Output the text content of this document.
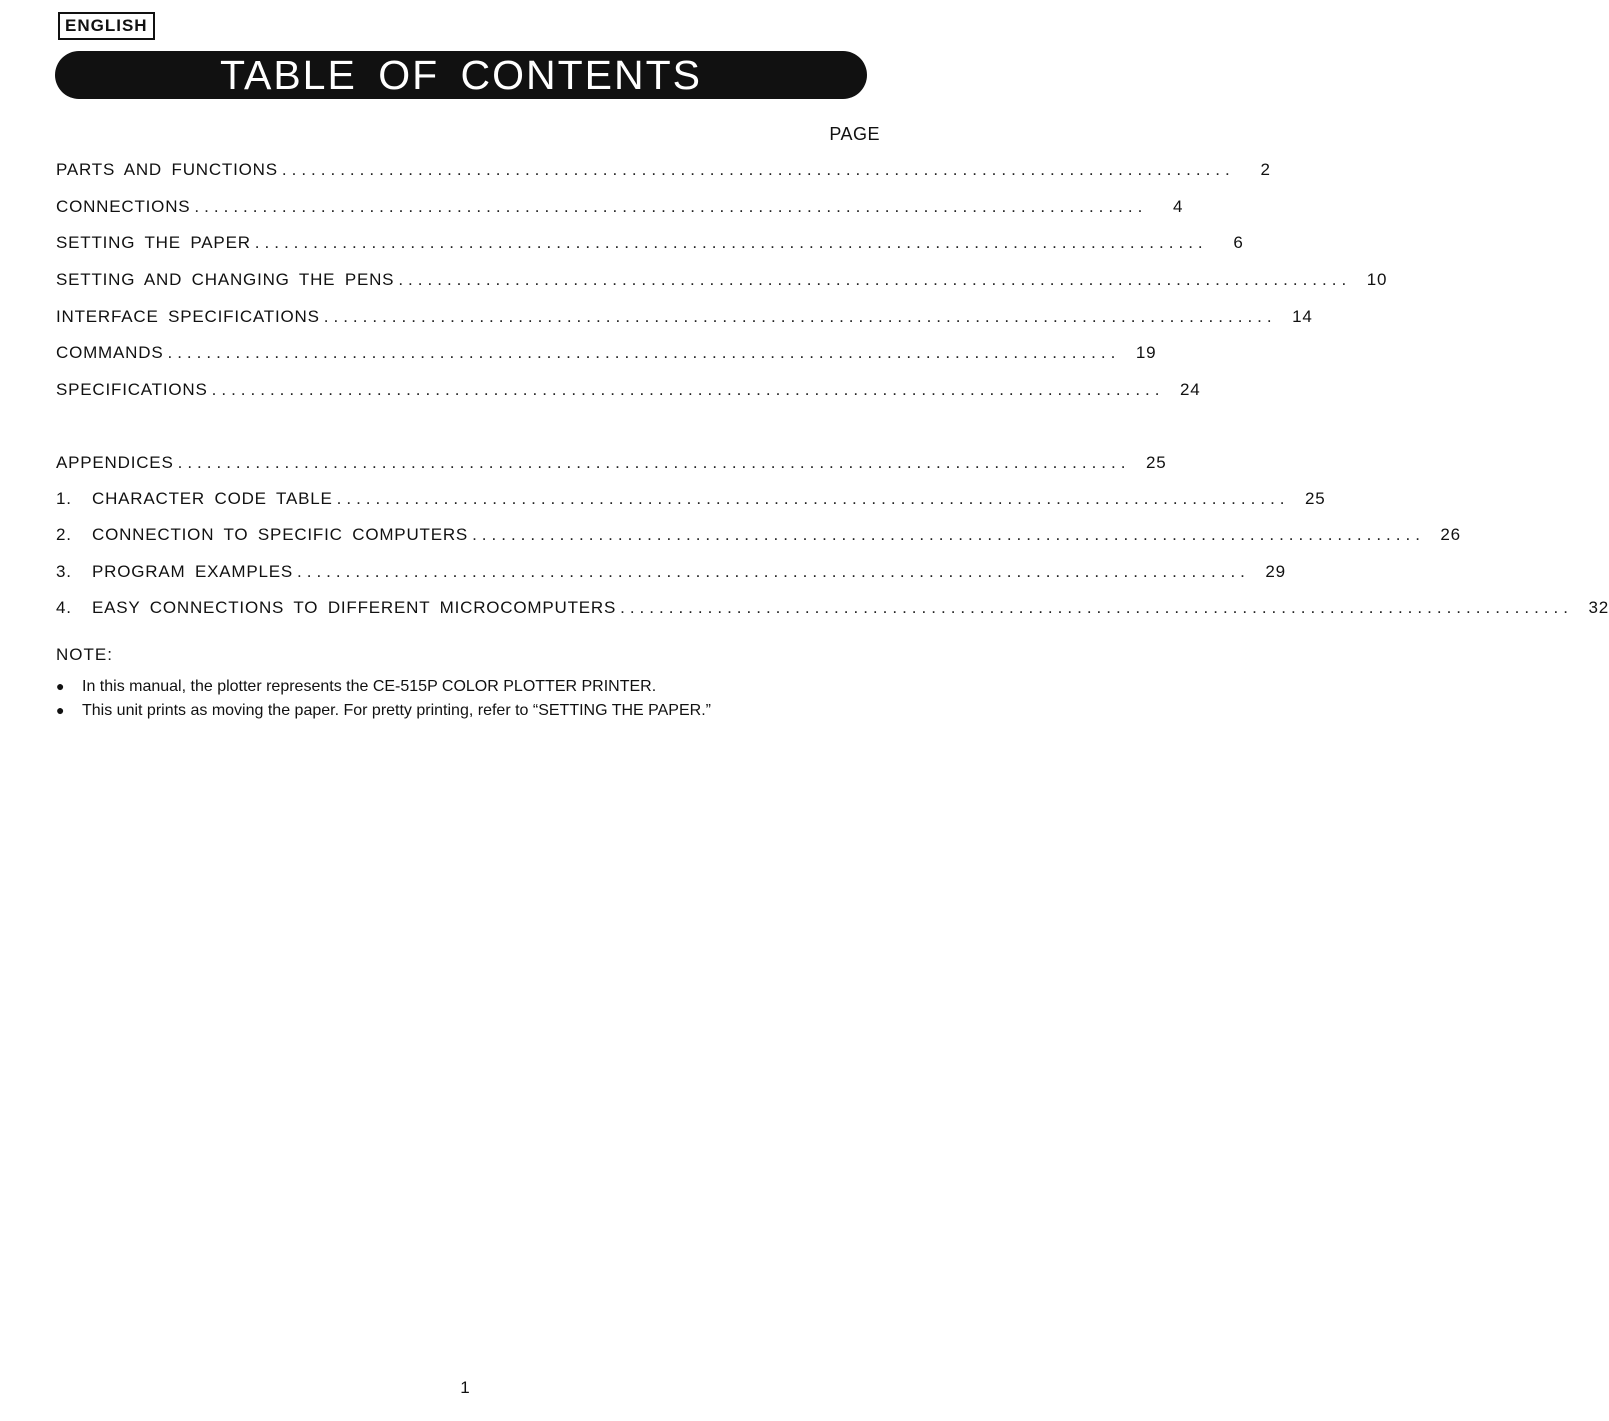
ENGLISH
TABLE OF CONTENTS
PAGE
PARTS AND FUNCTIONS ..................................................................................................	2
CONNECTIONS ..................................................................................................	4
SETTING THE PAPER ..................................................................................................	6
SETTING AND CHANGING THE PENS .................................................................................................. 10
INTERFACE SPECIFICATIONS .................................................................................................. 14
COMMANDS .................................................................................................. 19
SPECIFICATIONS .................................................................................................. 24
APPENDICES .................................................................................................. 25
1.	CHARACTER CODE TABLE .................................................................................................. 25
2.	CONNECTION TO SPECIFIC COMPUTERS .................................................................................................. 26
3.	PROGRAM EXAMPLES .................................................................................................. 29
4.	EASY CONNECTIONS TO DIFFERENT MICROCOMPUTERS .................................................................................................. 32
NOTE:
●	In this manual, the plotter represents the CE-515P COLOR PLOTTER PRINTER.
●	This unit prints as moving the paper. For pretty printing, refer to “SETTING THE PAPER.”
1
